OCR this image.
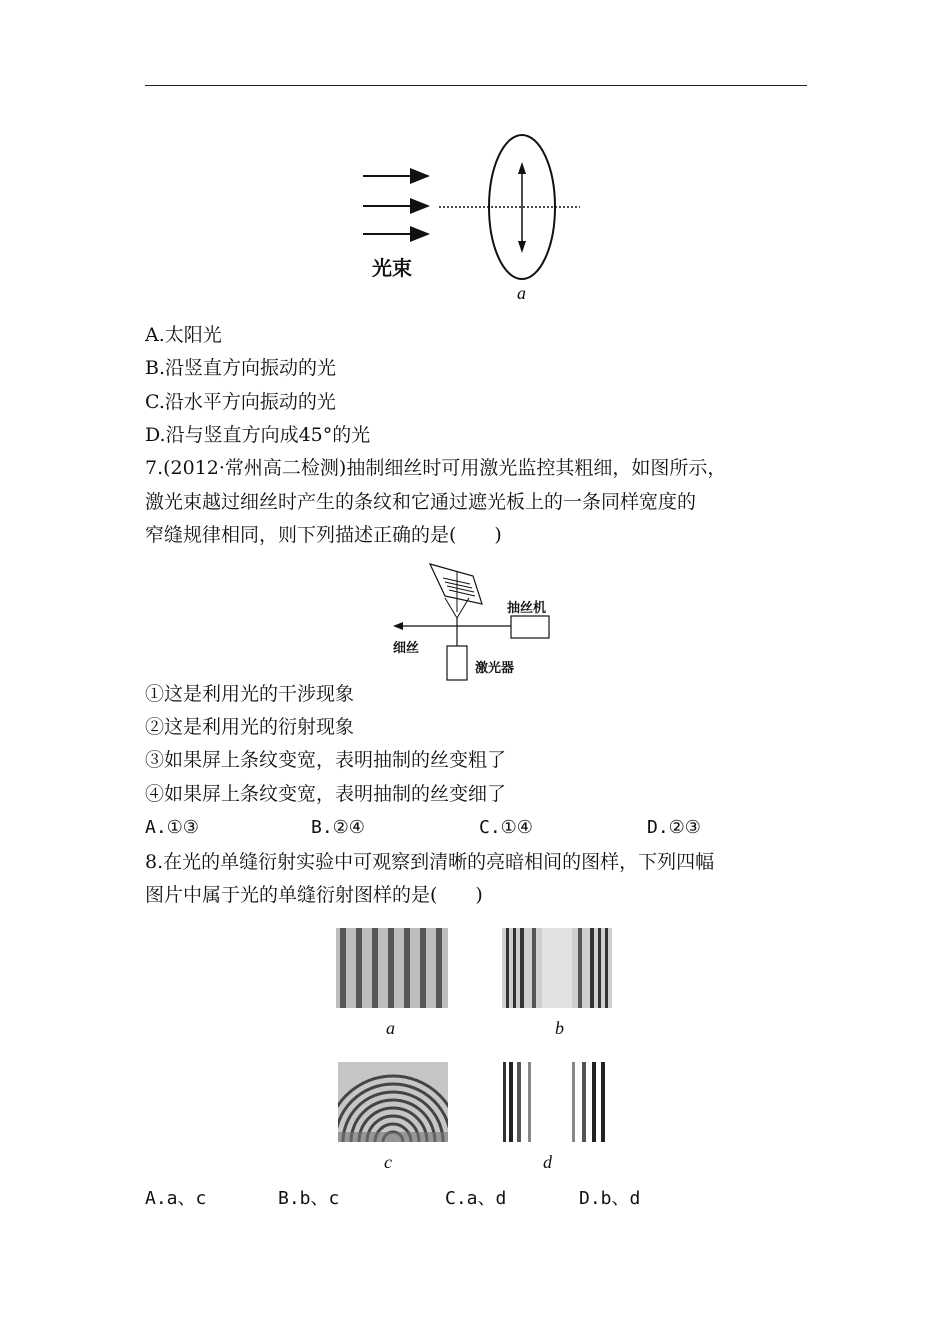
光束
a
A.太阳光
B.沿竖直方向振动的光
C.沿水平方向振动的光
D.沿与竖直方向成45°的光
7.(2012·常州高二检测)抽制细丝时可用激光监控其粗细，如图所示，
激光束越过细丝时产生的条纹和它通过遮光板上的一条同样宽度的
窄缝规律相同，则下列描述正确的是(　　)
抽丝机
细丝
激光器
①这是利用光的干涉现象
②这是利用光的衍射现象
③如果屏上条纹变宽，表明抽制的丝变粗了
④如果屏上条纹变宽，表明抽制的丝变细了
A.①③	B.②④	C.①④	D.②③
8.在光的单缝衍射实验中可观察到清晰的亮暗相间的图样，下列四幅
图片中属于光的单缝衍射图样的是(　　)
a	b
c	d
A.a、c	B.b、c	C.a、d	D.b、d
